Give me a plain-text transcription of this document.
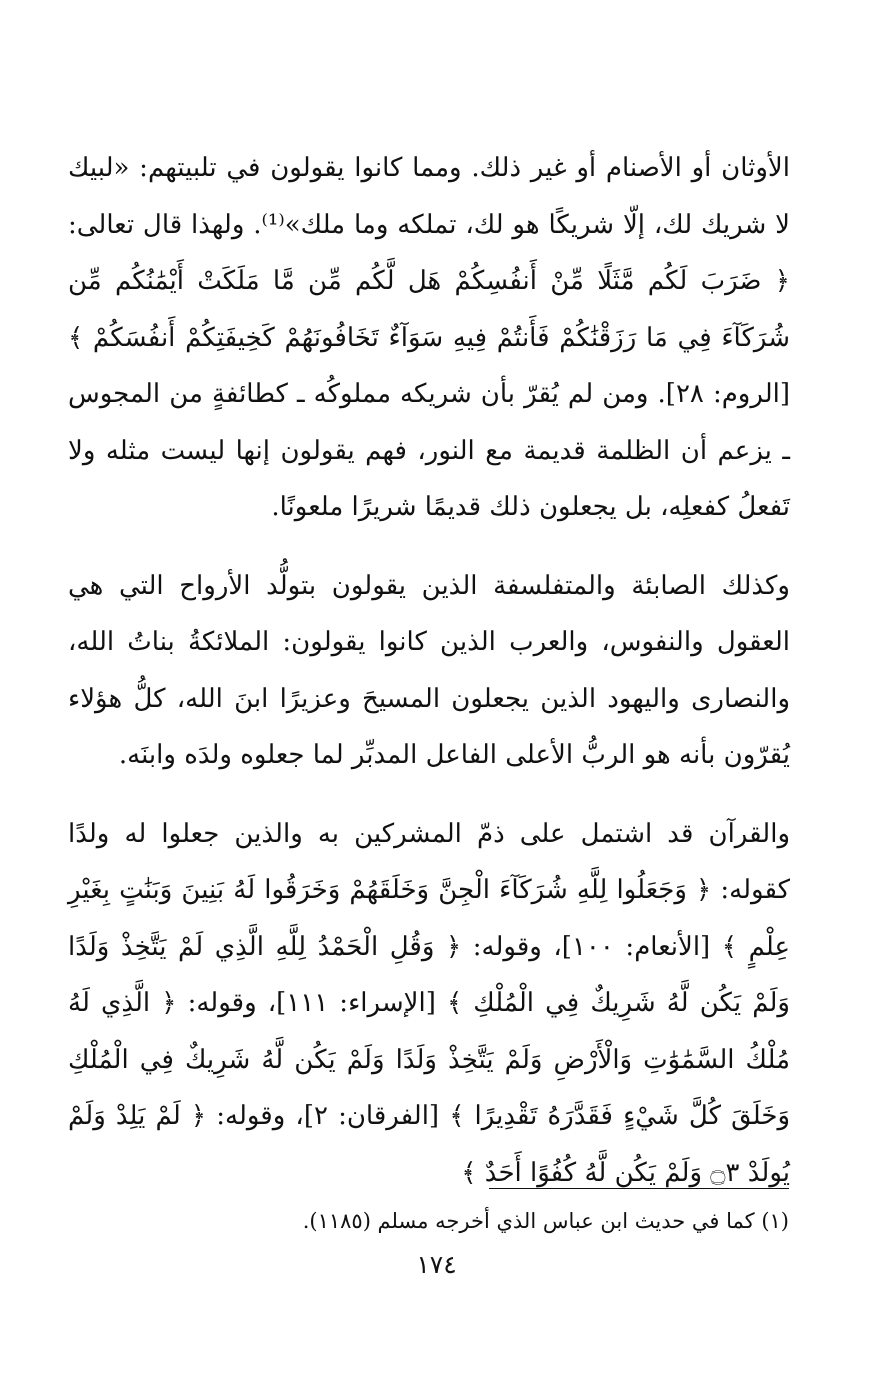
الأوثان أو الأصنام أو غير ذلك. ومما كانوا يقولون في تلبيتهم: «لبيك لا شريك لك، إلّا شريكًا هو لك، تملكه وما ملك»⁽¹⁾. ولهذا قال تعالى: ﴿ ضَرَبَ لَكُم مَّثَلًا مِّنْ أَنفُسِكُمْ هَل لَّكُم مِّن مَّا مَلَكَتْ أَيْمَٰنُكُم مِّن شُرَكَآءَ فِي مَا رَزَقْنَٰكُمْ فَأَنتُمْ فِيهِ سَوَآءٌ تَخَافُونَهُمْ كَخِيفَتِكُمْ أَنفُسَكُمْ ﴾ [الروم: ٢٨]. ومن لم يُقرّ بأن شريكه مملوكُه ـ كطائفةٍ من المجوس ـ يزعم أن الظلمة قديمة مع النور، فهم يقولون إنها ليست مثله ولا تَفعلُ كفعلِه، بل يجعلون ذلك قديمًا شريرًا ملعونًا.

وكذلك الصابئة والمتفلسفة الذين يقولون بتولُّد الأرواح التي هي العقول والنفوس، والعرب الذين كانوا يقولون: الملائكةُ بناتُ الله، والنصارى واليهود الذين يجعلون المسيحَ وعزيرًا ابنَ الله، كلُّ هؤلاء يُقرّون بأنه هو الربُّ الأعلى الفاعل المدبِّر لما جعلوه ولدَه وابنَه.

والقرآن قد اشتمل على ذمّ المشركين به والذين جعلوا له ولدًا كقوله: ﴿ وَجَعَلُوا لِلَّهِ شُرَكَآءَ الْجِنَّ وَخَلَقَهُمْ وَخَرَقُوا لَهُ بَنِينَ وَبَنَٰتٍ بِغَيْرِ عِلْمٍ ﴾ [الأنعام: ١٠٠]، وقوله: ﴿ وَقُلِ الْحَمْدُ لِلَّهِ الَّذِي لَمْ يَتَّخِذْ وَلَدًا وَلَمْ يَكُن لَّهُ شَرِيكٌ فِي الْمُلْكِ ﴾ [الإسراء: ١١١]، وقوله: ﴿ الَّذِي لَهُ مُلْكُ السَّمَٰوَٰتِ وَالْأَرْضِ وَلَمْ يَتَّخِذْ وَلَدًا وَلَمْ يَكُن لَّهُ شَرِيكٌ فِي الْمُلْكِ وَخَلَقَ كُلَّ شَيْءٍ فَقَدَّرَهُ تَقْدِيرًا ﴾ [الفرقان: ٢]، وقوله: ﴿ لَمْ يَلِدْ وَلَمْ يُولَدْ ۝٣ وَلَمْ يَكُن لَّهُ كُفُوًا أَحَدٌ ﴾

(١) كما في حديث ابن عباس الذي أخرجه مسلم (١١٨٥).

١٧٤
